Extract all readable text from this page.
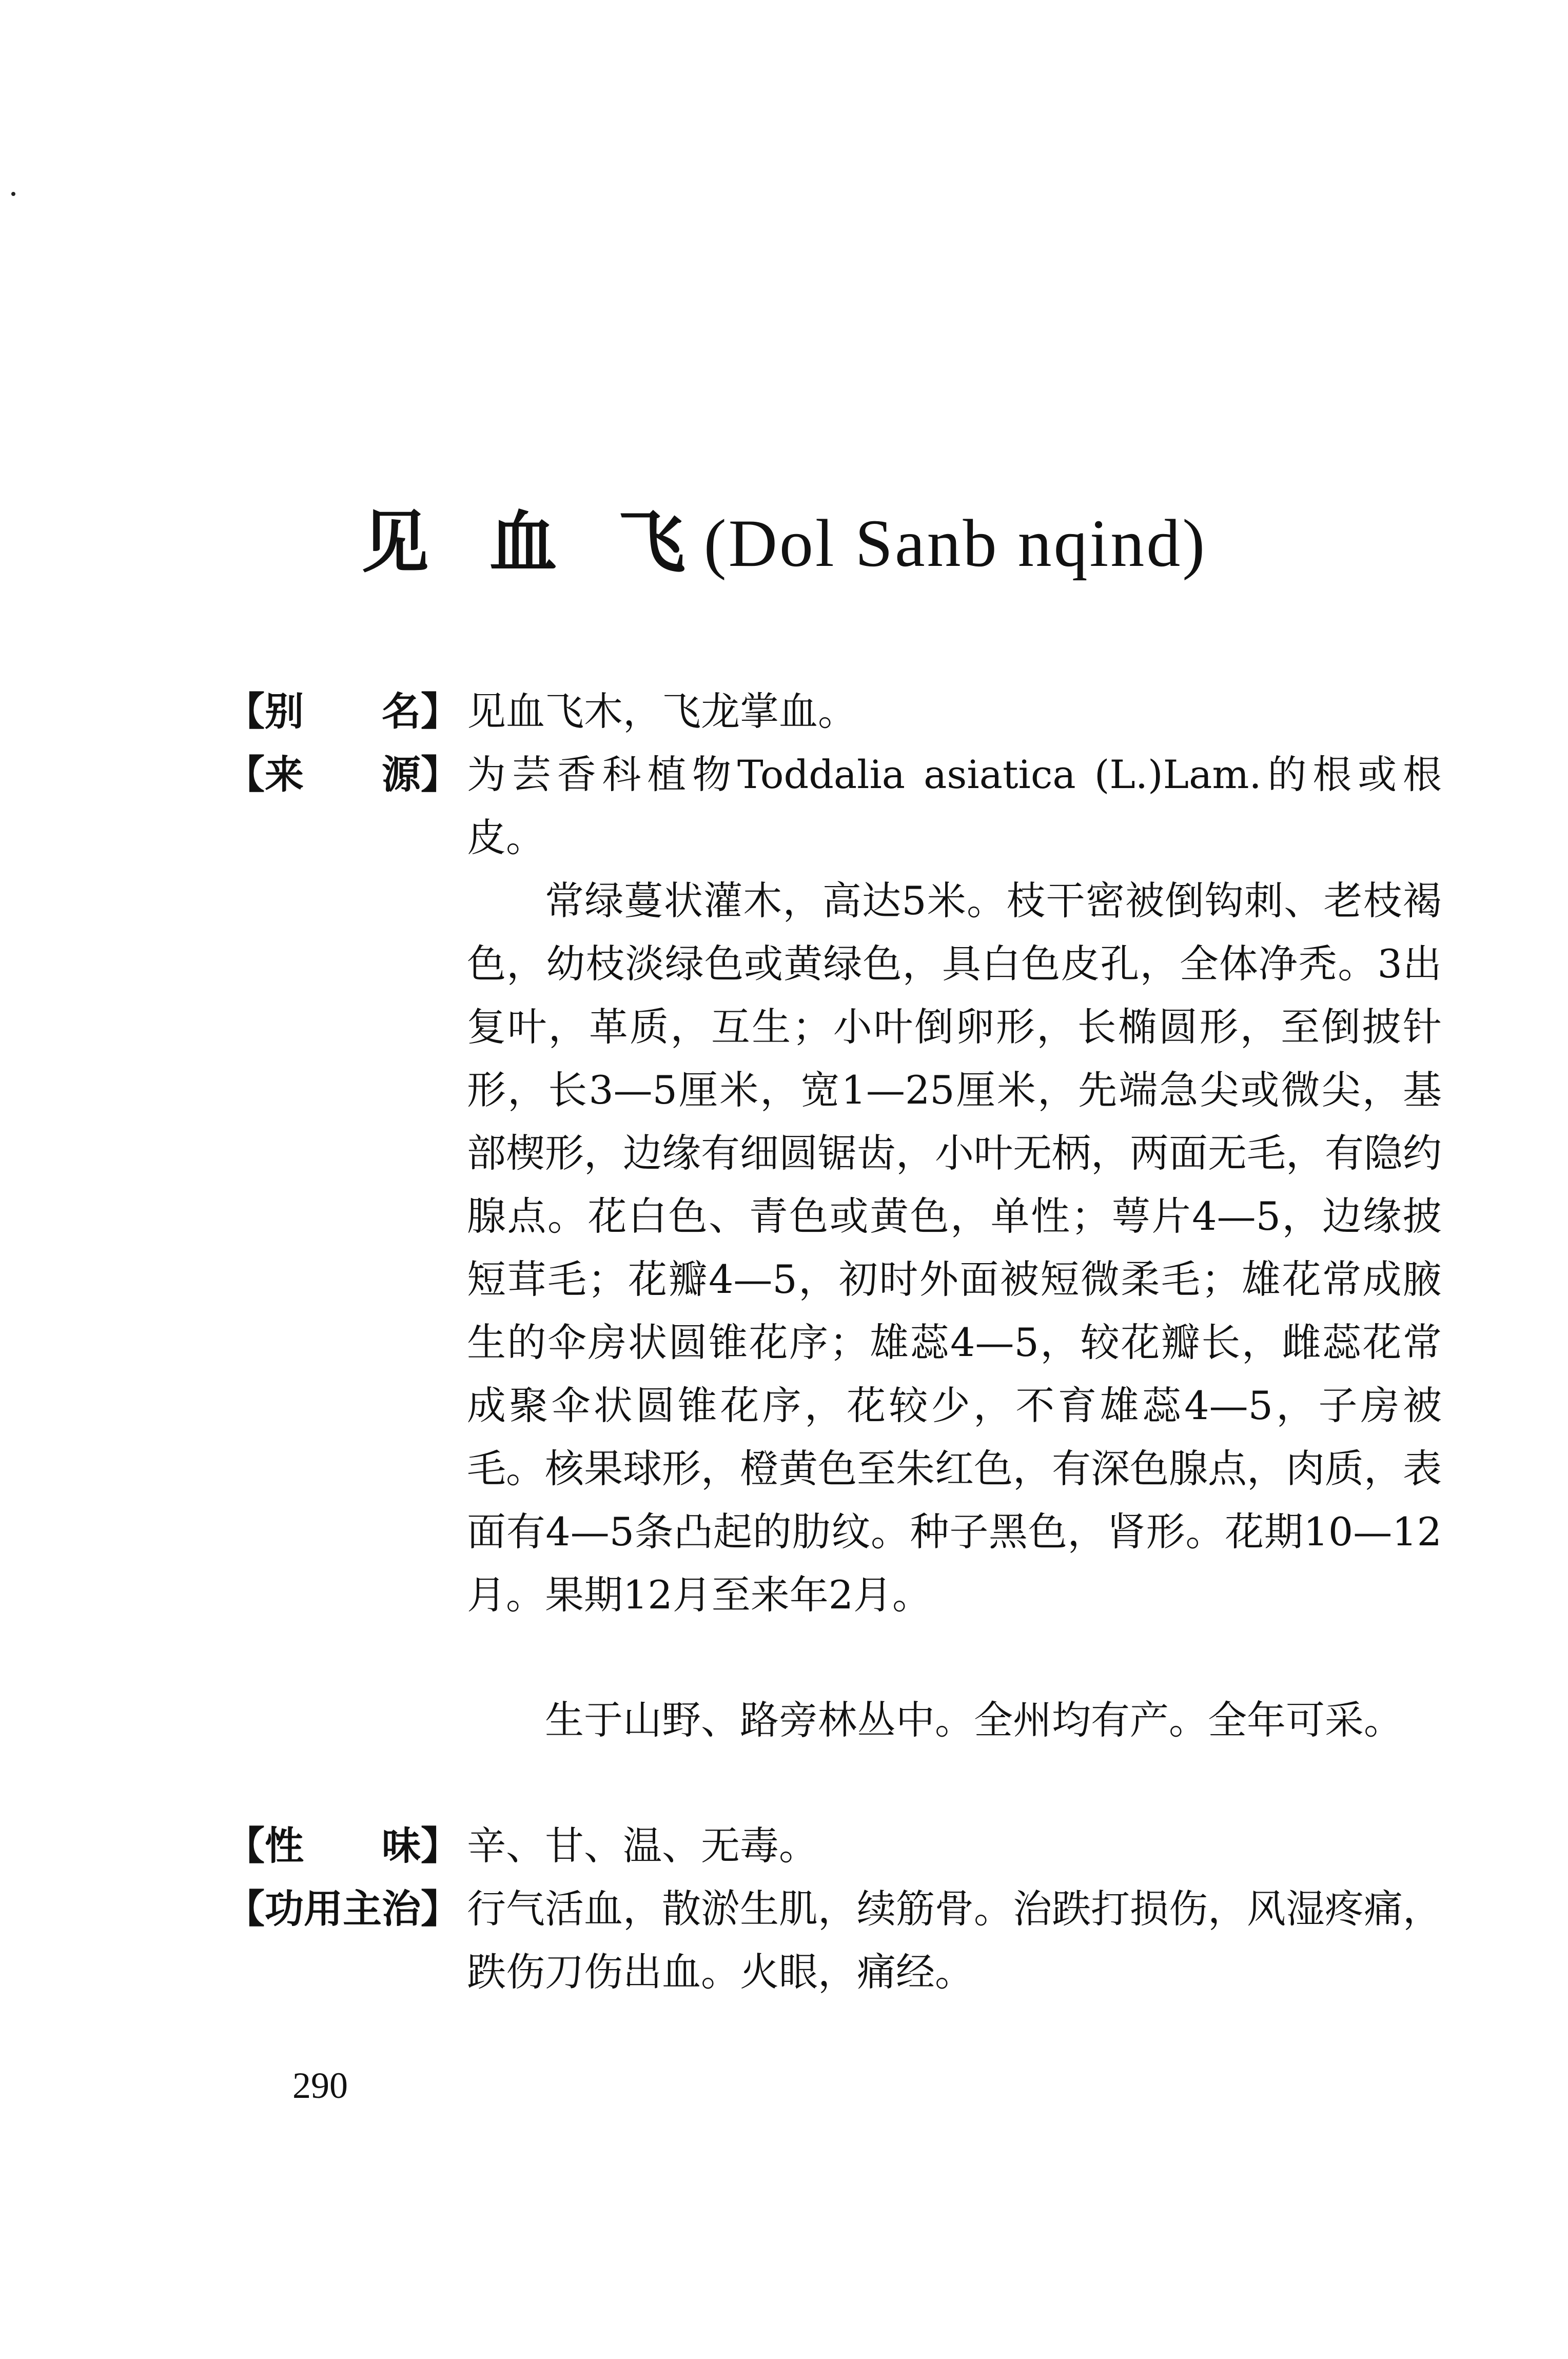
见 血 飞(Dol Sanb nqind)
【别　　名】 见血飞木，飞龙掌血。
【来　　源】 为芸香科植物Toddalia asiatica (L.)Lam.的根或根皮。

常绿蔓状灌木，高达5米。枝干密被倒钩刺、老枝褐色，幼枝淡绿色或黄绿色，具白色皮孔，全体净秃。3出复叶，革质，互生；小叶倒卵形，长椭圆形，至倒披针形，长3—5厘米，宽1—25厘米，先端急尖或微尖，基部楔形，边缘有细圆锯齿，小叶无柄，两面无毛，有隐约腺点。花白色、青色或黄色，单性；萼片4—5，边缘披短茸毛；花瓣4—5，初时外面被短微柔毛；雄花常成腋生的伞房状圆锥花序；雄蕊4—5，较花瓣长，雌蕊花常成聚伞状圆锥花序，花较少，不育雄蕊4—5，子房被毛。核果球形，橙黄色至朱红色，有深色腺点，肉质，表面有4—5条凸起的肋纹。种子黑色，肾形。花期10—12月。果期12月至来年2月。

生于山野、路旁林丛中。全州均有产。全年可采。

【性　　味】 辛、甘、温、无毒。
【功用主治】 行气活血，散淤生肌，续筋骨。治跌打损伤，风湿疼痛，跌伤刀伤出血。火眼，痛经。
290
